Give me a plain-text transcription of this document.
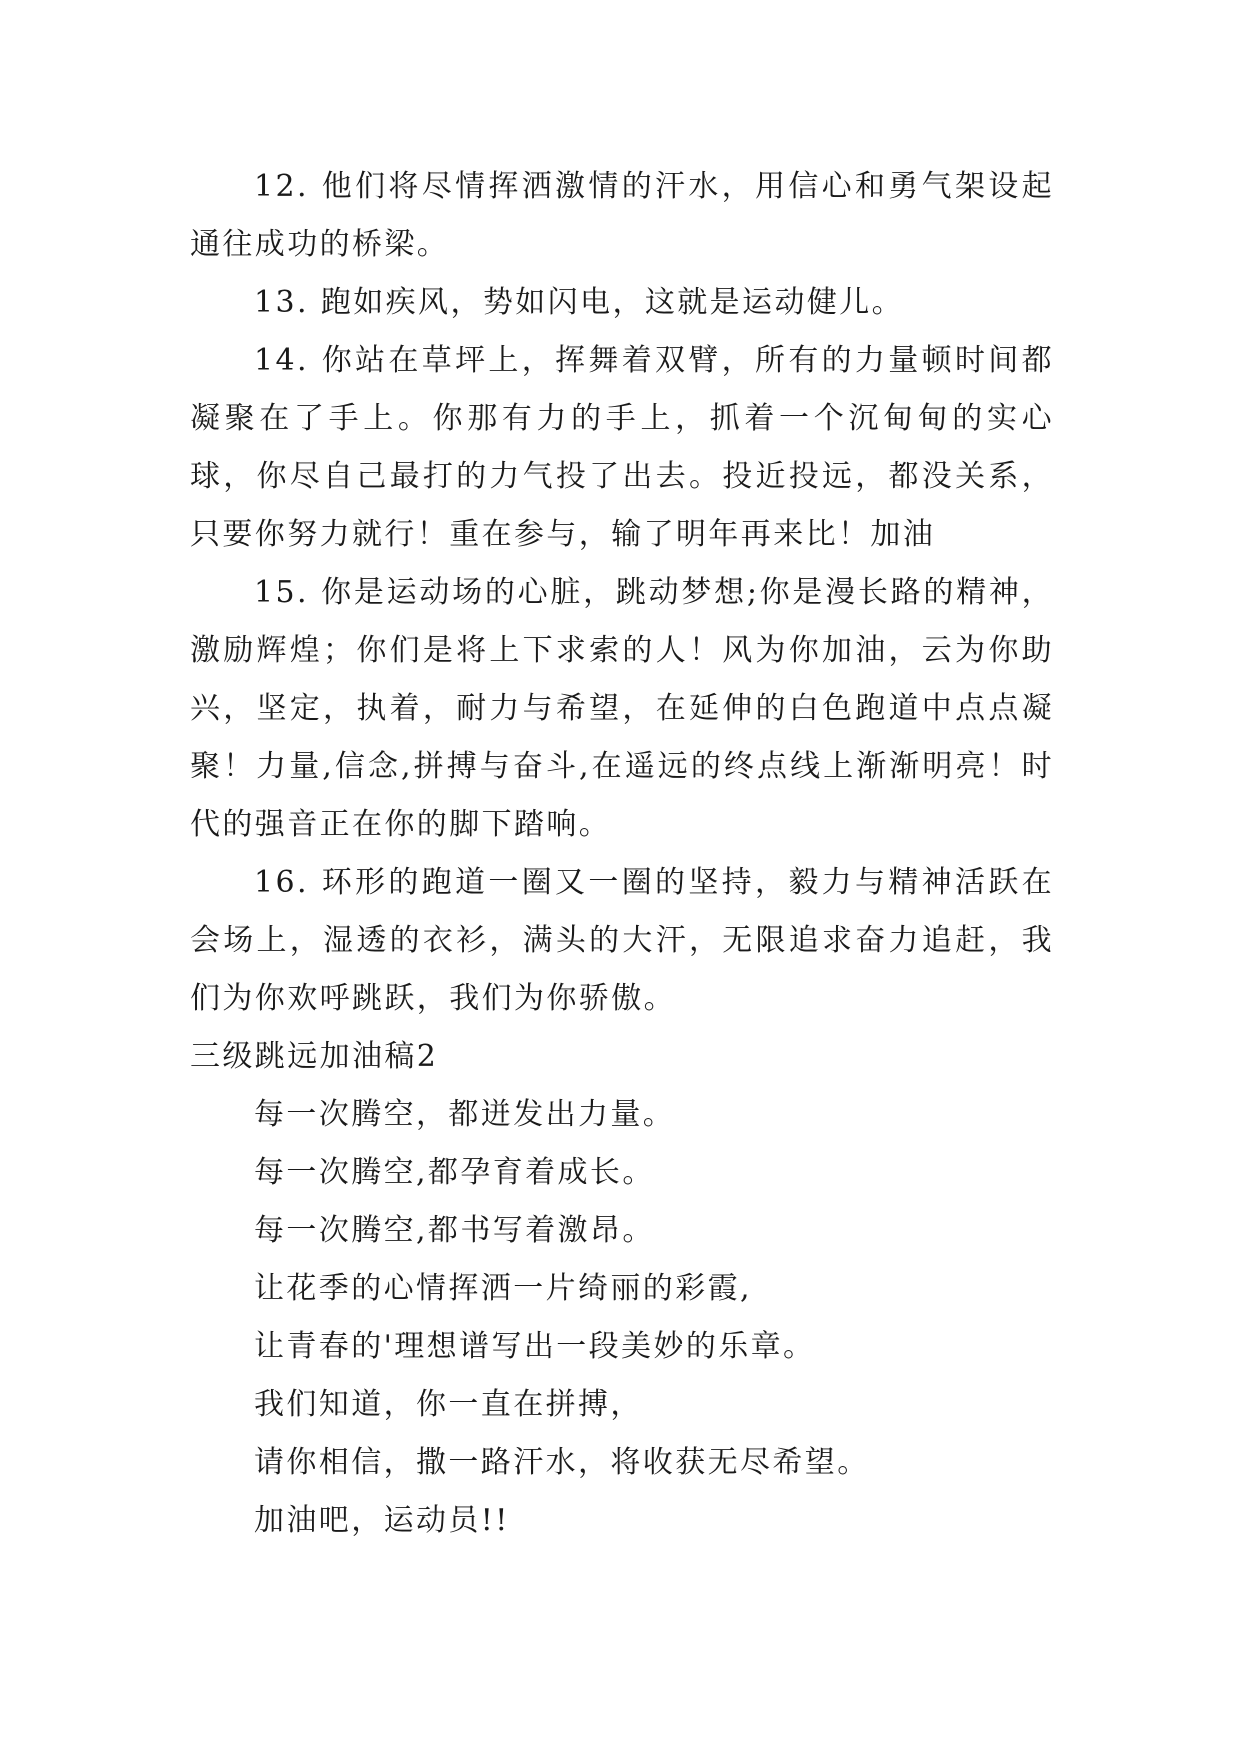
12. 他们将尽情挥洒激情的汗水，用信心和勇气架设起通往成功的桥梁。

13. 跑如疾风，势如闪电，这就是运动健儿。

14. 你站在草坪上，挥舞着双臂，所有的力量顿时间都凝聚在了手上。你那有力的手上，抓着一个沉甸甸的实心球，你尽自己最打的力气投了出去。投近投远，都没关系，只要你努力就行！重在参与，输了明年再来比！加油

15. 你是运动场的心脏，跳动梦想;你是漫长路的精神，激励辉煌；你们是将上下求索的人！风为你加油，云为你助兴，坚定，执着，耐力与希望，在延伸的白色跑道中点点凝聚！力量,信念,拼搏与奋斗,在遥远的终点线上渐渐明亮！时代的强音正在你的脚下踏响。

16. 环形的跑道一圈又一圈的坚持，毅力与精神活跃在会场上，湿透的衣衫，满头的大汗，无限追求奋力追赶，我们为你欢呼跳跃，我们为你骄傲。

三级跳远加油稿2

每一次腾空，都迸发出力量。

每一次腾空,都孕育着成长。

每一次腾空,都书写着激昂。

让花季的心情挥洒一片绮丽的彩霞,

让青春的'理想谱写出一段美妙的乐章。

我们知道，你一直在拼搏，

请你相信，撒一路汗水，将收获无尽希望。

加油吧，运动员!!
